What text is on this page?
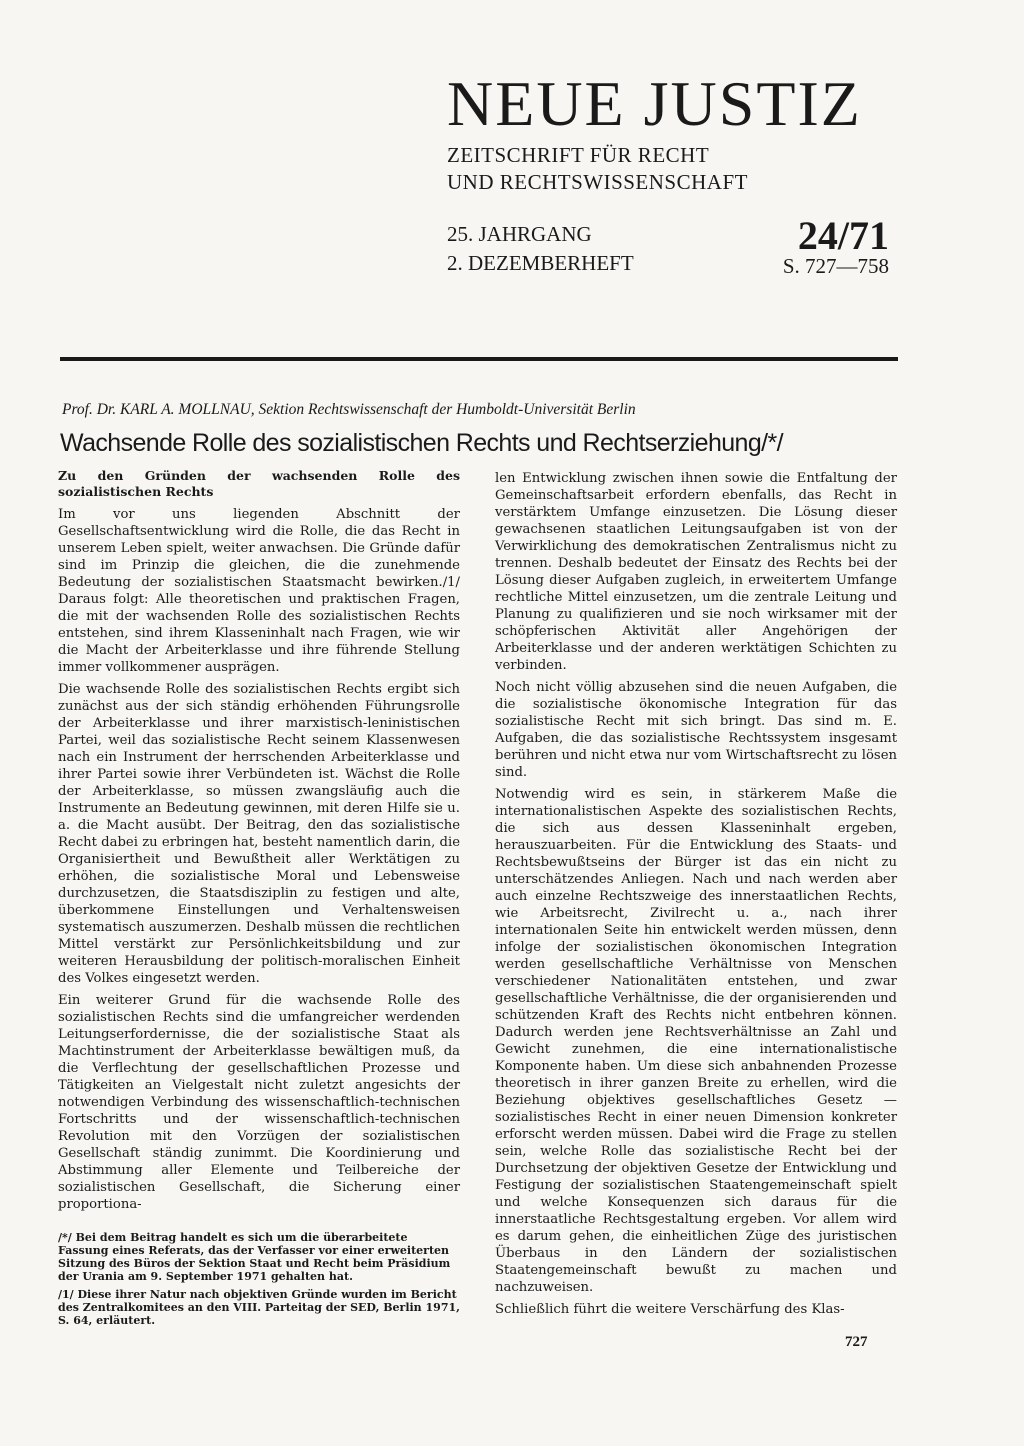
NEUE JUSTIZ
ZEITSCHRIFT FÜR RECHT
UND RECHTSWISSENSCHAFT
25. JAHRGANG
2. DEZEMBERHEFT
24/71
S. 727—758
Prof. Dr. KARL A. MOLLNAU, Sektion Rechtswissenschaft der Humboldt-Universität Berlin
Wachsende Rolle des sozialistischen Rechts und Rechtserziehung/*/
Zu den Gründen der wachsenden Rolle des sozialistischen Rechts

Im vor uns liegenden Abschnitt der Gesellschaftsentwicklung wird die Rolle, die das Recht in unserem Leben spielt, weiter anwachsen. Die Gründe dafür sind im Prinzip die gleichen, die die zunehmende Bedeutung der sozialistischen Staatsmacht bewirken./1/ Daraus folgt: Alle theoretischen und praktischen Fragen, die mit der wachsenden Rolle des sozialistischen Rechts entstehen, sind ihrem Klasseninhalt nach Fragen, wie wir die Macht der Arbeiterklasse und ihre führende Stellung immer vollkommener ausprägen.

Die wachsende Rolle des sozialistischen Rechts ergibt sich zunächst aus der sich ständig erhöhenden Führungsrolle der Arbeiterklasse und ihrer marxistisch-leninistischen Partei, weil das sozialistische Recht seinem Klassenwesen nach ein Instrument der herrschenden Arbeiterklasse und ihrer Partei sowie ihrer Verbündeten ist. Wächst die Rolle der Arbeiterklasse, so müssen zwangsläufig auch die Instrumente an Bedeutung gewinnen, mit deren Hilfe sie u. a. die Macht ausübt. Der Beitrag, den das sozialistische Recht dabei zu erbringen hat, besteht namentlich darin, die Organisiertheit und Bewußtheit aller Werktätigen zu erhöhen, die sozialistische Moral und Lebensweise durchzusetzen, die Staatsdisziplin zu festigen und alte, überkommene Einstellungen und Verhaltensweisen systematisch auszumerzen. Deshalb müssen die rechtlichen Mittel verstärkt zur Persönlichkeitsbildung und zur weiteren Herausbildung der politisch-moralischen Einheit des Volkes eingesetzt werden.

Ein weiterer Grund für die wachsende Rolle des sozialistischen Rechts sind die umfangreicher werdenden Leitungserfordernisse, die der sozialistische Staat als Machtinstrument der Arbeiterklasse bewältigen muß, da die Verflechtung der gesellschaftlichen Prozesse und Tätigkeiten an Vielgestalt nicht zuletzt angesichts der notwendigen Verbindung des wissenschaftlich-technischen Fortschritts und der wissenschaftlich-technischen Revolution mit den Vorzügen der sozialistischen Gesellschaft ständig zunimmt. Die Koordinierung und Abstimmung aller Elemente und Teilbereiche der sozialistischen Gesellschaft, die Sicherung einer proportiona-

/*/ Bei dem Beitrag handelt es sich um die überarbeitete Fassung eines Referats, das der Verfasser vor einer erweiterten Sitzung des Büros der Sektion Staat und Recht beim Präsidium der Urania am 9. September 1971 gehalten hat.

/1/ Diese ihrer Natur nach objektiven Gründe wurden im Bericht des Zentralkomitees an den VIII. Parteitag der SED, Berlin 1971, S. 64, erläutert.

len Entwicklung zwischen ihnen sowie die Entfaltung der Gemeinschaftsarbeit erfordern ebenfalls, das Recht in verstärktem Umfange einzusetzen. Die Lösung dieser gewachsenen staatlichen Leitungsaufgaben ist von der Verwirklichung des demokratischen Zentralismus nicht zu trennen. Deshalb bedeutet der Einsatz des Rechts bei der Lösung dieser Aufgaben zugleich, in erweitertem Umfange rechtliche Mittel einzusetzen, um die zentrale Leitung und Planung zu qualifizieren und sie noch wirksamer mit der schöpferischen Aktivität aller Angehörigen der Arbeiterklasse und der anderen werktätigen Schichten zu verbinden.

Noch nicht völlig abzusehen sind die neuen Aufgaben, die die sozialistische ökonomische Integration für das sozialistische Recht mit sich bringt. Das sind m. E. Aufgaben, die das sozialistische Rechtssystem insgesamt berühren und nicht etwa nur vom Wirtschaftsrecht zu lösen sind.

Notwendig wird es sein, in stärkerem Maße die internationalistischen Aspekte des sozialistischen Rechts, die sich aus dessen Klasseninhalt ergeben, herauszuarbeiten. Für die Entwicklung des Staats- und Rechtsbewußtseins der Bürger ist das ein nicht zu unterschätzendes Anliegen. Nach und nach werden aber auch einzelne Rechtszweige des innerstaatlichen Rechts, wie Arbeitsrecht, Zivilrecht u. a., nach ihrer internationalen Seite hin entwickelt werden müssen, denn infolge der sozialistischen ökonomischen Integration werden gesellschaftliche Verhältnisse von Menschen verschiedener Nationalitäten entstehen, und zwar gesellschaftliche Verhältnisse, die der organisierenden und schützenden Kraft des Rechts nicht entbehren können. Dadurch werden jene Rechtsverhältnisse an Zahl und Gewicht zunehmen, die eine internationalistische Komponente haben. Um diese sich anbahnenden Prozesse theoretisch in ihrer ganzen Breite zu erhellen, wird die Beziehung objektives gesellschaftliches Gesetz — sozialistisches Recht in einer neuen Dimension konkreter erforscht werden müssen. Dabei wird die Frage zu stellen sein, welche Rolle das sozialistische Recht bei der Durchsetzung der objektiven Gesetze der Entwicklung und Festigung der sozialistischen Staatengemeinschaft spielt und welche Konsequenzen sich daraus für die innerstaatliche Rechtsgestaltung ergeben. Vor allem wird es darum gehen, die einheitlichen Züge des juristischen Überbaus in den Ländern der sozialistischen Staatengemeinschaft bewußt zu machen und nachzuweisen.

Schließlich führt die weitere Verschärfung des Klas-

727
